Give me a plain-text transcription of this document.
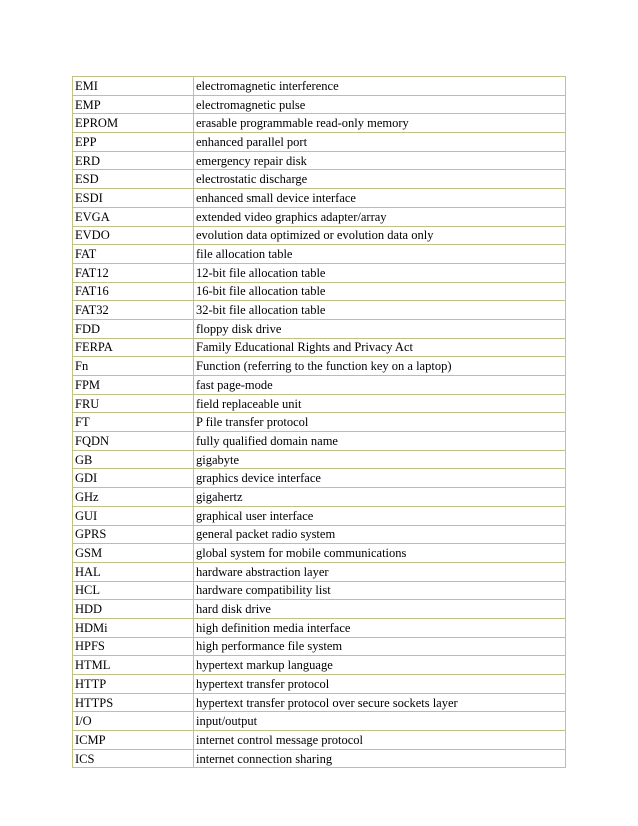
EMI	electromagnetic interference
EMP	electromagnetic pulse
EPROM	erasable programmable read-only memory
EPP	enhanced parallel port
ERD	emergency repair disk
ESD	electrostatic discharge
ESDI	enhanced small device interface
EVGA	extended video graphics adapter/array
EVDO	evolution data optimized or evolution data only
FAT	file allocation table
FAT12	12-bit file allocation table
FAT16	16-bit file allocation table
FAT32	32-bit file allocation table
FDD	floppy disk drive
FERPA	Family Educational Rights and Privacy Act
Fn	Function (referring to the function key on a laptop)
FPM	fast page-mode
FRU	field replaceable unit
FT	P file transfer protocol
FQDN	fully qualified domain name
GB	gigabyte
GDI	graphics device interface
GHz	gigahertz
GUI	graphical user interface
GPRS	general packet radio system
GSM	global system for mobile communications
HAL	hardware abstraction layer
HCL	hardware compatibility list
HDD	hard disk drive
HDMi	high definition media interface
HPFS	high performance file system
HTML	hypertext markup language
HTTP	hypertext transfer protocol
HTTPS	hypertext transfer protocol over secure sockets layer
I/O	input/output
ICMP	internet control message protocol
ICS	internet connection sharing
